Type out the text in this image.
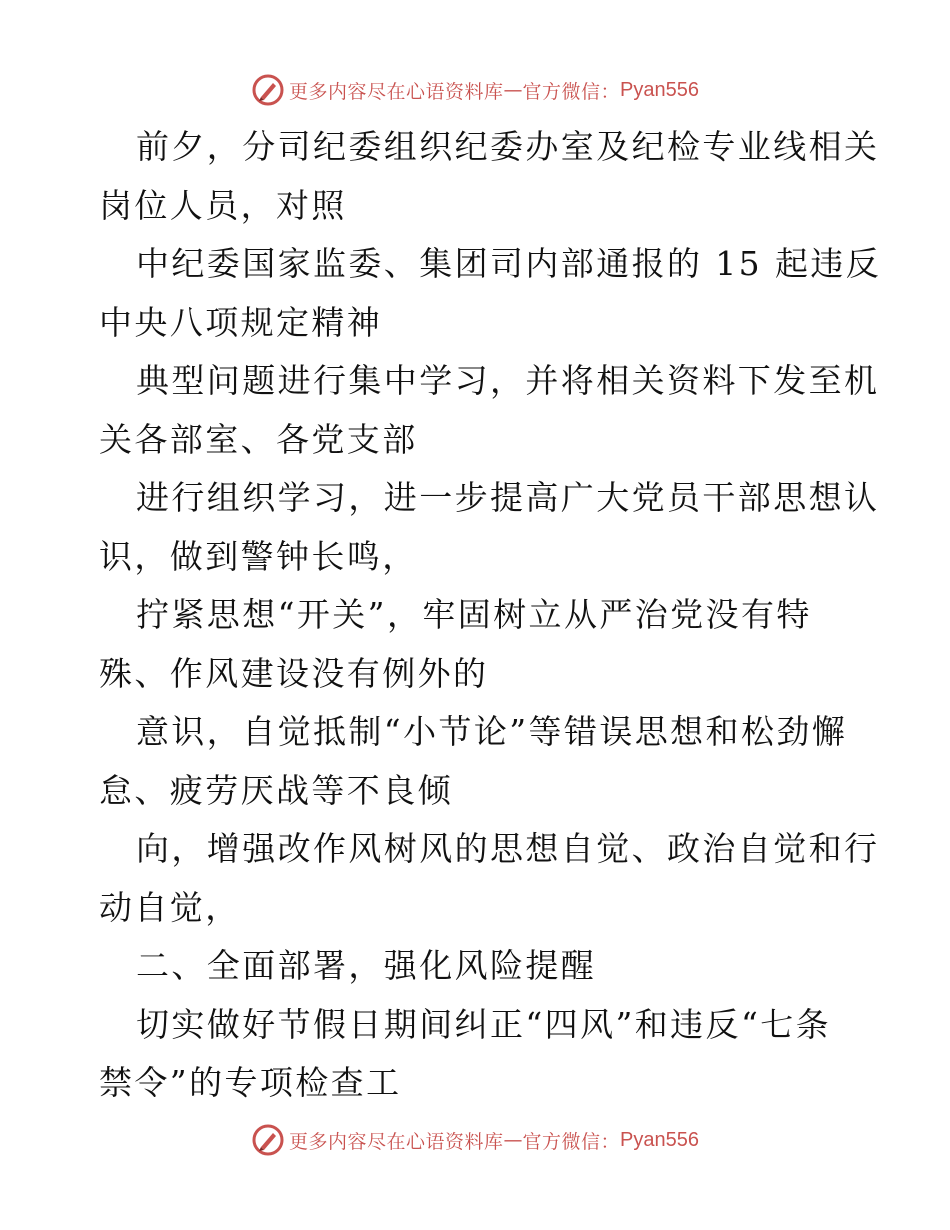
更多内容尽在心语资料库 — 官方微信： Pyan556
前夕，分司纪委组织纪委办室及纪检专业线相关
岗位人员，对照
中纪委国家监委、集团司内部通报的 15 起违反
中央八项规定精神
典型问题进行集中学习，并将相关资料下发至机
关各部室、各党支部
进行组织学习，进一步提高广大党员干部思想认
识，做到警钟长鸣，
拧紧思想“开关”，牢固树立从严治党没有特
殊、作风建设没有例外的
意识，自觉抵制“小节论”等错误思想和松劲懈
怠、疲劳厌战等不良倾
向，增强改作风树风的思想自觉、政治自觉和行
动自觉，
二、全面部署，强化风险提醒
切实做好节假日期间纠正“四风”和违反“七条
禁令”的专项检查工
更多内容尽在心语资料库 — 官方微信： Pyan556
